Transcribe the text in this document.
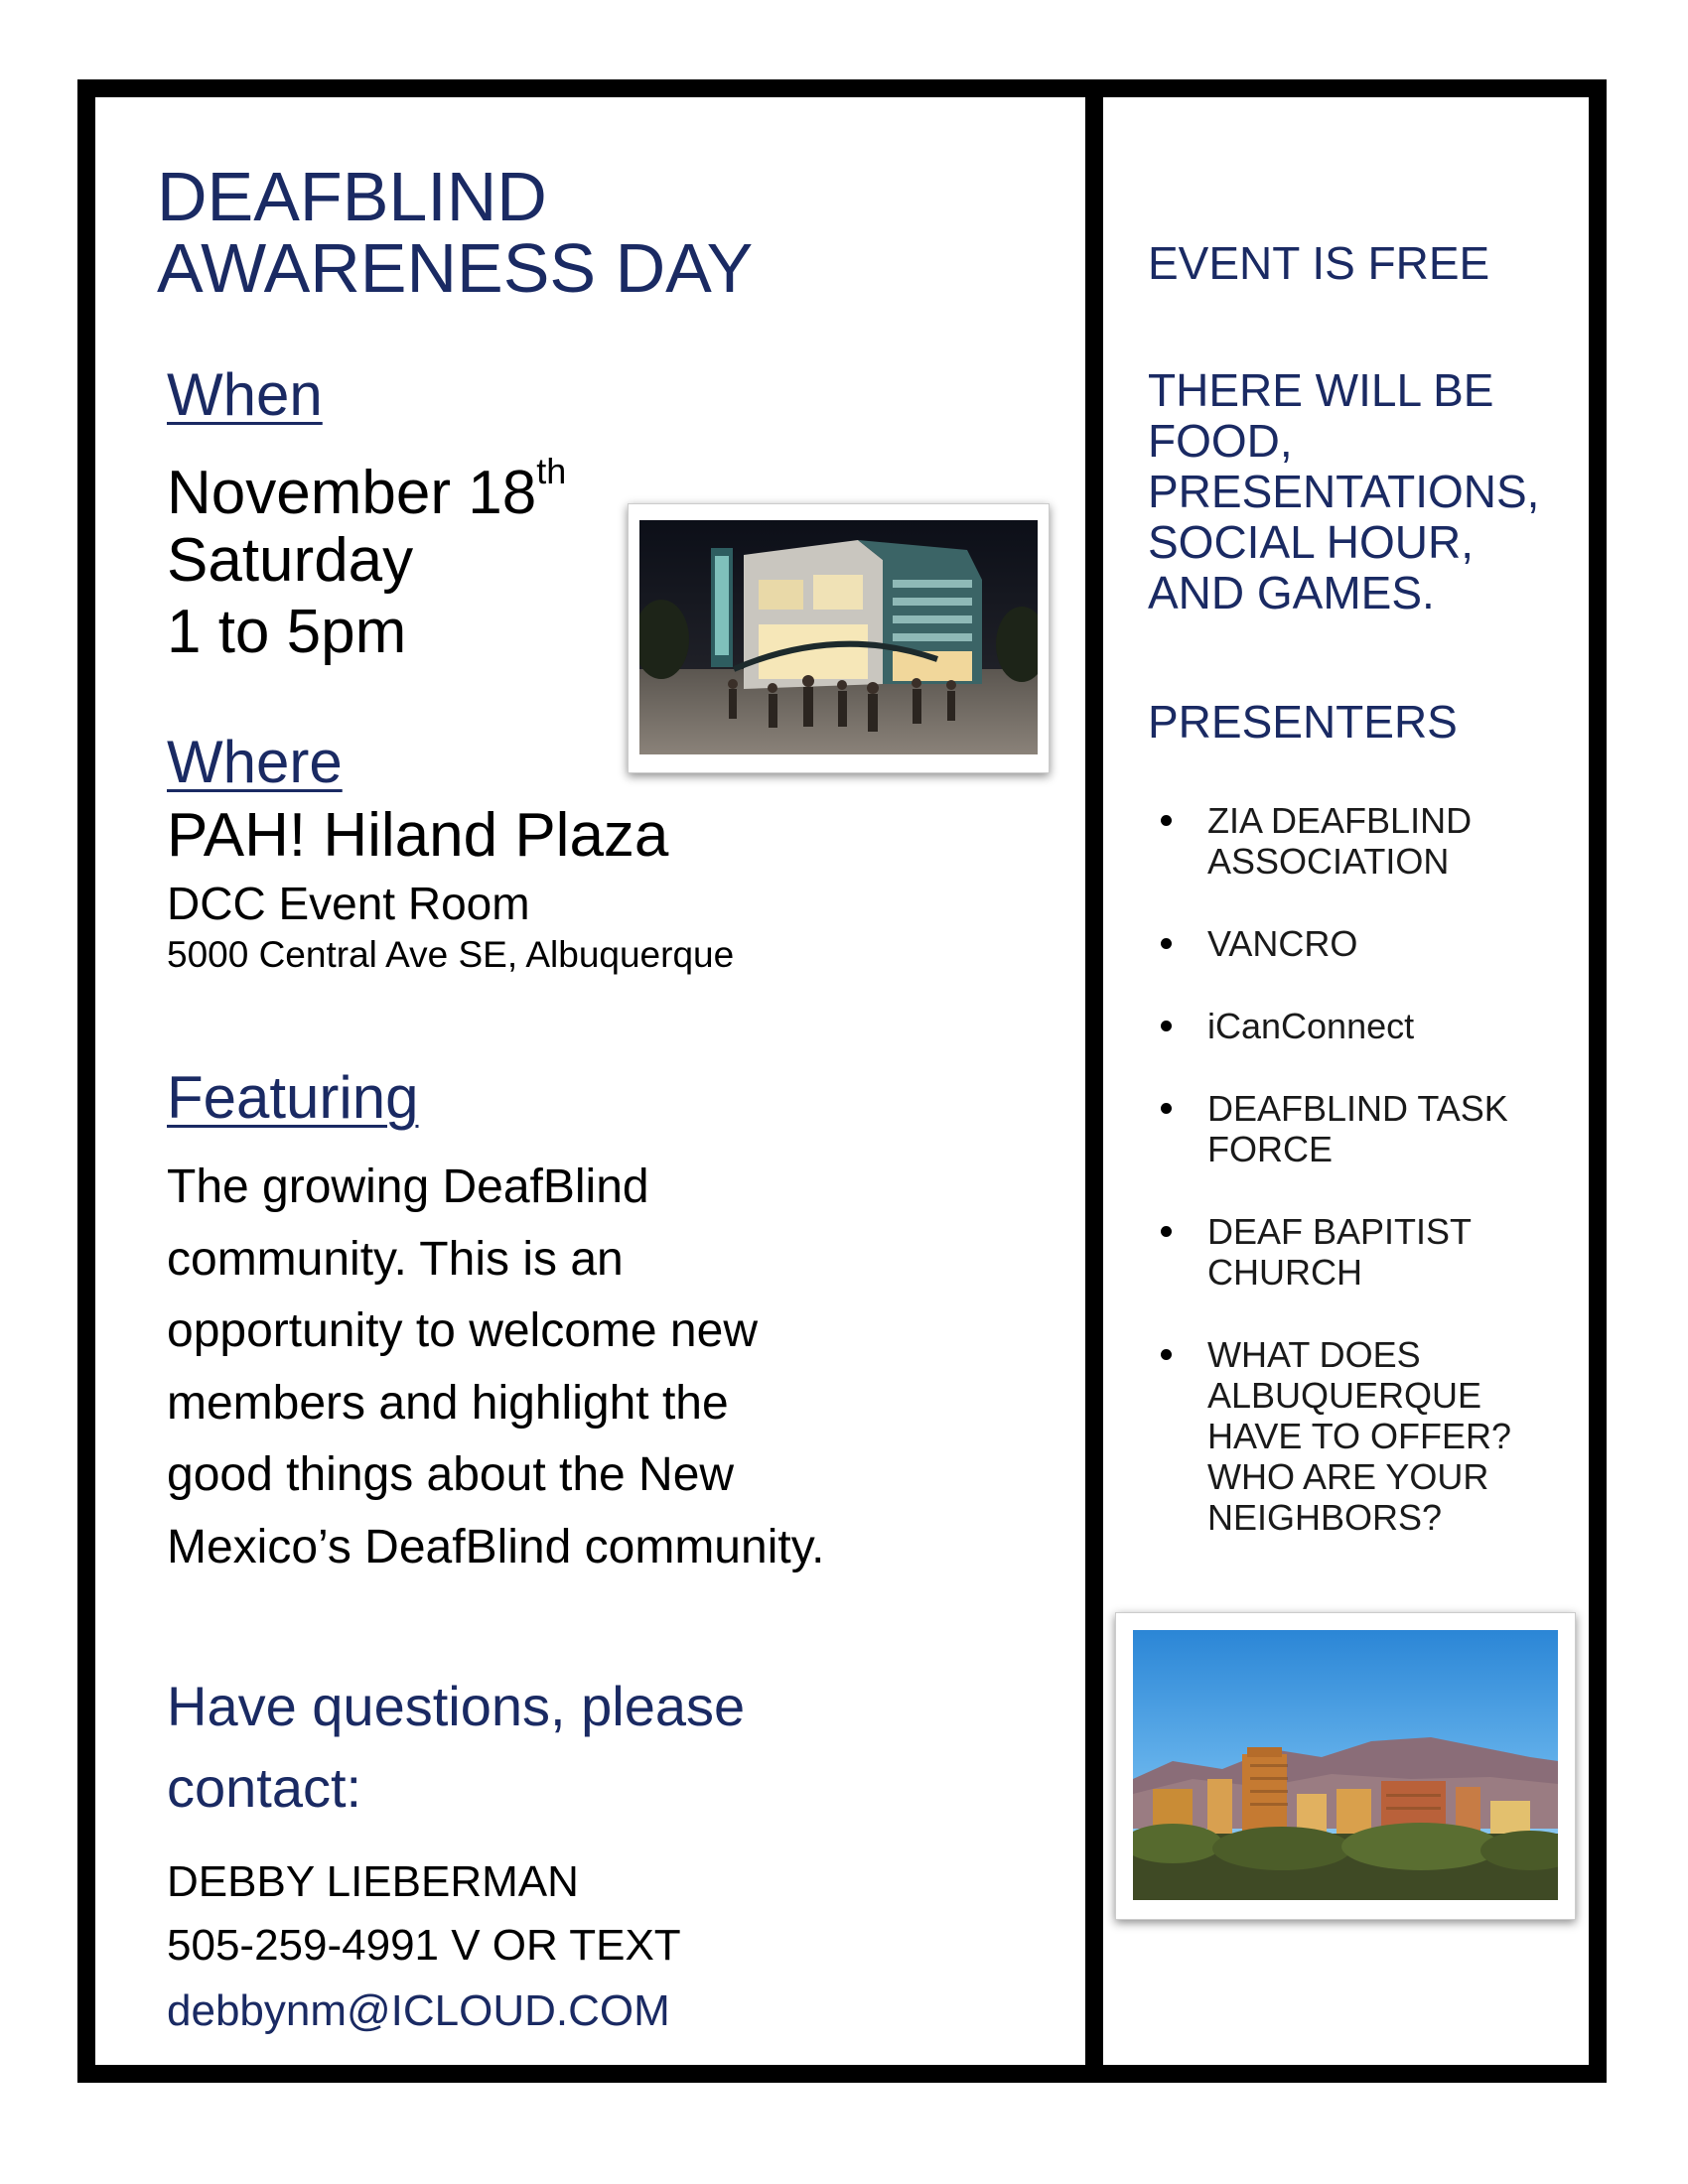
DEAFBLIND
AWARENESS DAY
When
November 18th
Saturday
1 to 5pm
Where
PAH! Hiland Plaza
DCC Event Room
5000 Central Ave SE, Albuquerque
Featuring
The growing DeafBlind
community. This is an
opportunity to welcome new
members and highlight the
good things about the New
Mexico’s DeafBlind community.
Have questions, please
contact:
DEBBY LIEBERMAN
505-259-4991 V OR TEXT
debbynm@ICLOUD.COM
EVENT IS FREE
THERE WILL BE
FOOD,
PRESENTATIONS,
SOCIAL HOUR,
AND GAMES.
PRESENTERS
ZIA DEAFBLIND
ASSOCIATION
VANCRO
iCanConnect
DEAFBLIND TASK
FORCE
DEAF BAPITIST
CHURCH
WHAT DOES
ALBUQUERQUE
HAVE TO OFFER?
WHO ARE YOUR
NEIGHBORS?
